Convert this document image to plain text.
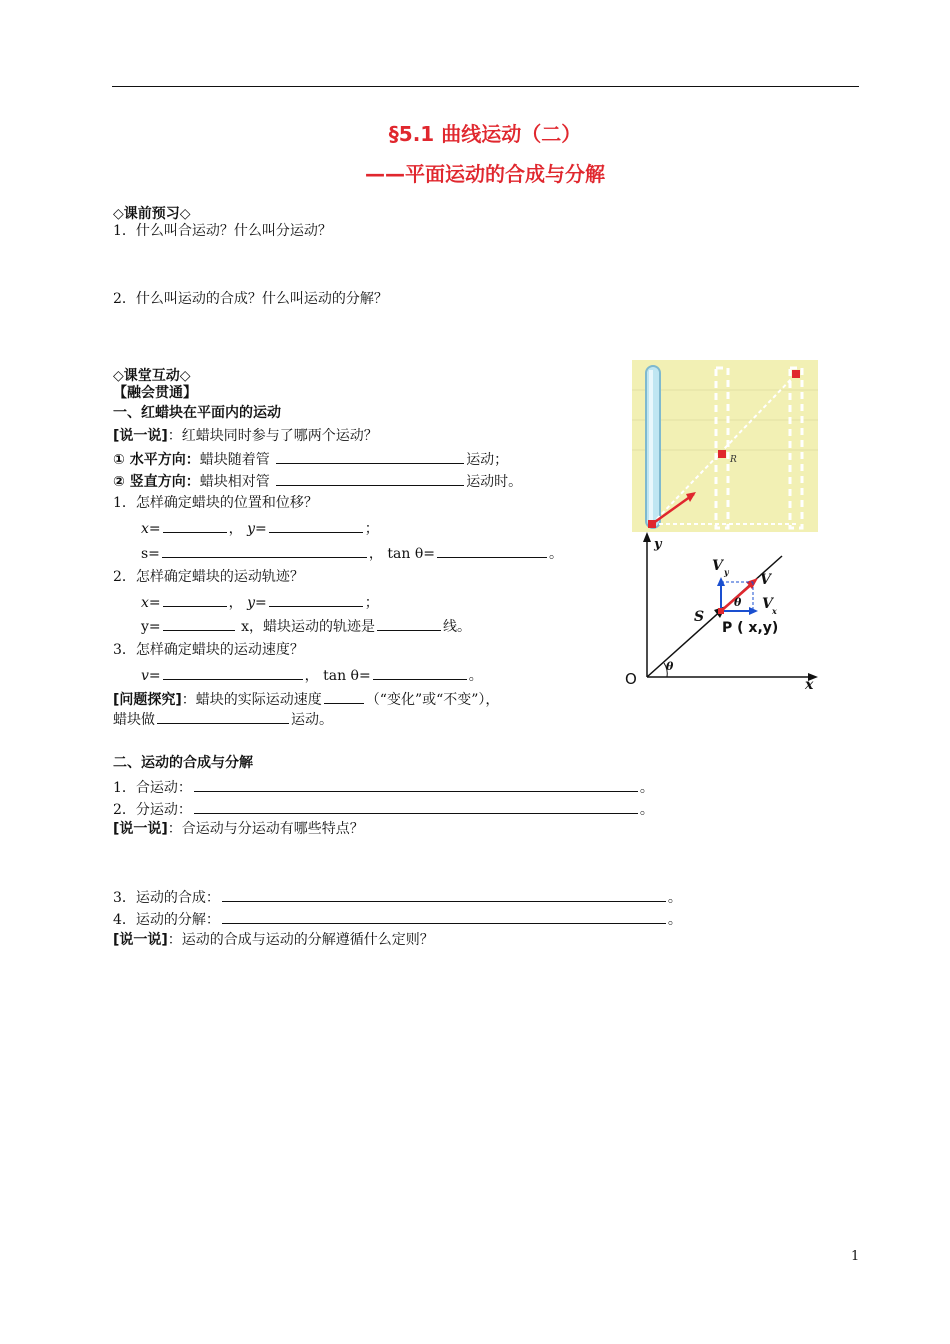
§5.1 曲线运动（二）
——平面运动的合成与分解
◇课前预习◇
1．什么叫合运动？什么叫分运动？
2．什么叫运动的合成？什么叫运动的分解？
◇课堂互动◇
【融会贯通】
一、红蜡块在平面内的运动
[说一说]：红蜡块同时参与了哪两个运动？
① 水平方向：蜡块随着管	运动；
② 竖直方向：蜡块相对管	运动时。
1．怎样确定蜡块的位置和位移？
x=	， y=	；
s=	， tan θ=	。
2．怎样确定蜡块的运动轨迹？
x=	， y=	；
y=	x，蜡块运动的轨迹是	线。
3．怎样确定蜡块的运动速度？
v=	， tan θ=	。
[问题探究]：蜡块的实际运动速度	（“变化”或“不变”），
蜡块做	运动。
二、运动的合成与分解
1．合运动：	。
2．分运动：	。
[说一说]：合运动与分运动有哪些特点？
3．运动的合成：	。
4．运动的分解：	。
[说一说]：运动的合成与运动的分解遵循什么定则？
R
y
x
S
V
V y
V x
θ
θ
O
P ( x,y)
1
